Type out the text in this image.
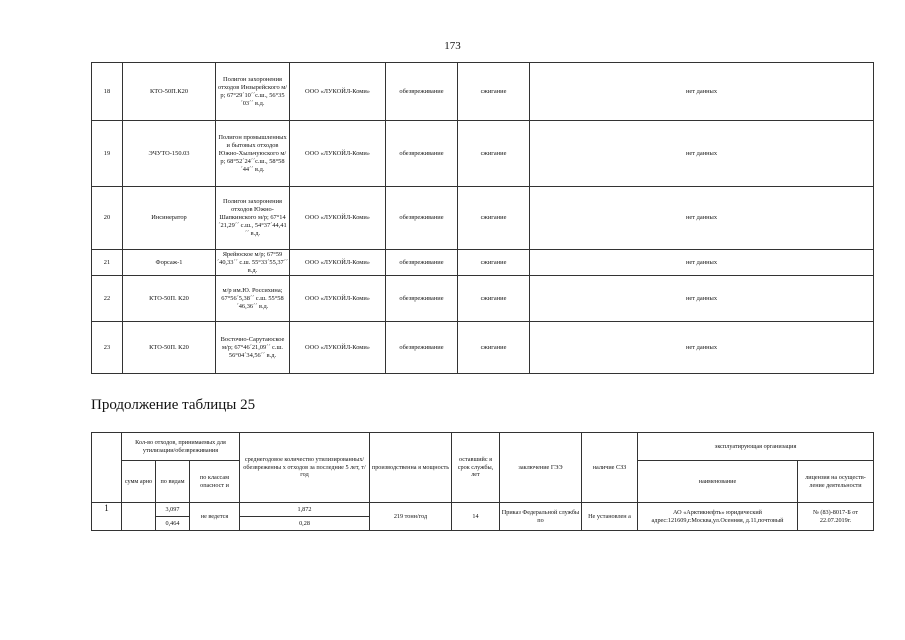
173
18	КТО-50П.К20	Полигон захоронения отходов Инзырейского м/р; 67°29´10´´с.ш., 56°35´03´´ в.д.	ООО «ЛУКОЙЛ-Коми»	обезвреживание	сжигание	нет данных
19	ЭЧУТО-150.03	Полигон промышленных и бытовых отходов Южно-Хыльчуюского м/р; 68°52´24´´с.ш., 58°58´44´´ в.д.	ООО «ЛУКОЙЛ-Коми»	обезвреживание	сжигание	нет данных
20	Инсинератор	Полигон захоронения отходов Южно-Шапкинского м/р; 67°14´21,29´´ с.ш., 54°37´44,41´´ в.д.	ООО «ЛУКОЙЛ-Коми»	обезвреживание	сжигание	нет данных
21	Форсаж-1	Ярейюское м/р; 67°59´40,33´´ с.ш. 55°33´55,37´´ в.д.	ООО «ЛУКОЙЛ-Коми»	обезвреживание	сжигание	нет данных
22	КТО-50П. К20	м/р им.Ю. Россихина; 67°56´5,38´´ с.ш. 55°58´46,36´´ в.д.	ООО «ЛУКОЙЛ-Коми»	обезвреживание	сжигание	нет данных
23	КТО-50П. К20	Восточно-Сарутаюское м/р; 67°46´21,09´´ с.ш. 56°04´34,56´´ в.д.	ООО «ЛУКОЙЛ-Коми»	обезвреживание	сжигание	нет данных
Продолжение таблицы 25
	Кол-во отходов, принимаемых для утилизации/обезвреживания			среднегодовое количество утилизированных/обезвреженны х отходов за последние 5 лет, т/год	производственна я мощность	оставшийс я срок службы, лет	заключение ГЭЭ	наличие СЗЗ	эксплуатирующая организация	
	сумм арно	по видам	по классам опасност и						наименование	лицензия на осуществ-ление деятельности
1		3,097	не ведется	1,872	219 тонн/год	14	Приказ Федеральной службы по	Не установлен а	АО «Арктикнефть» юридический адрес:121609,г.Москва,ул.Осенняя, д.11,почтовый	№ (83)-8017-Б от 22.07.2019г.
		0,464		0,28						
